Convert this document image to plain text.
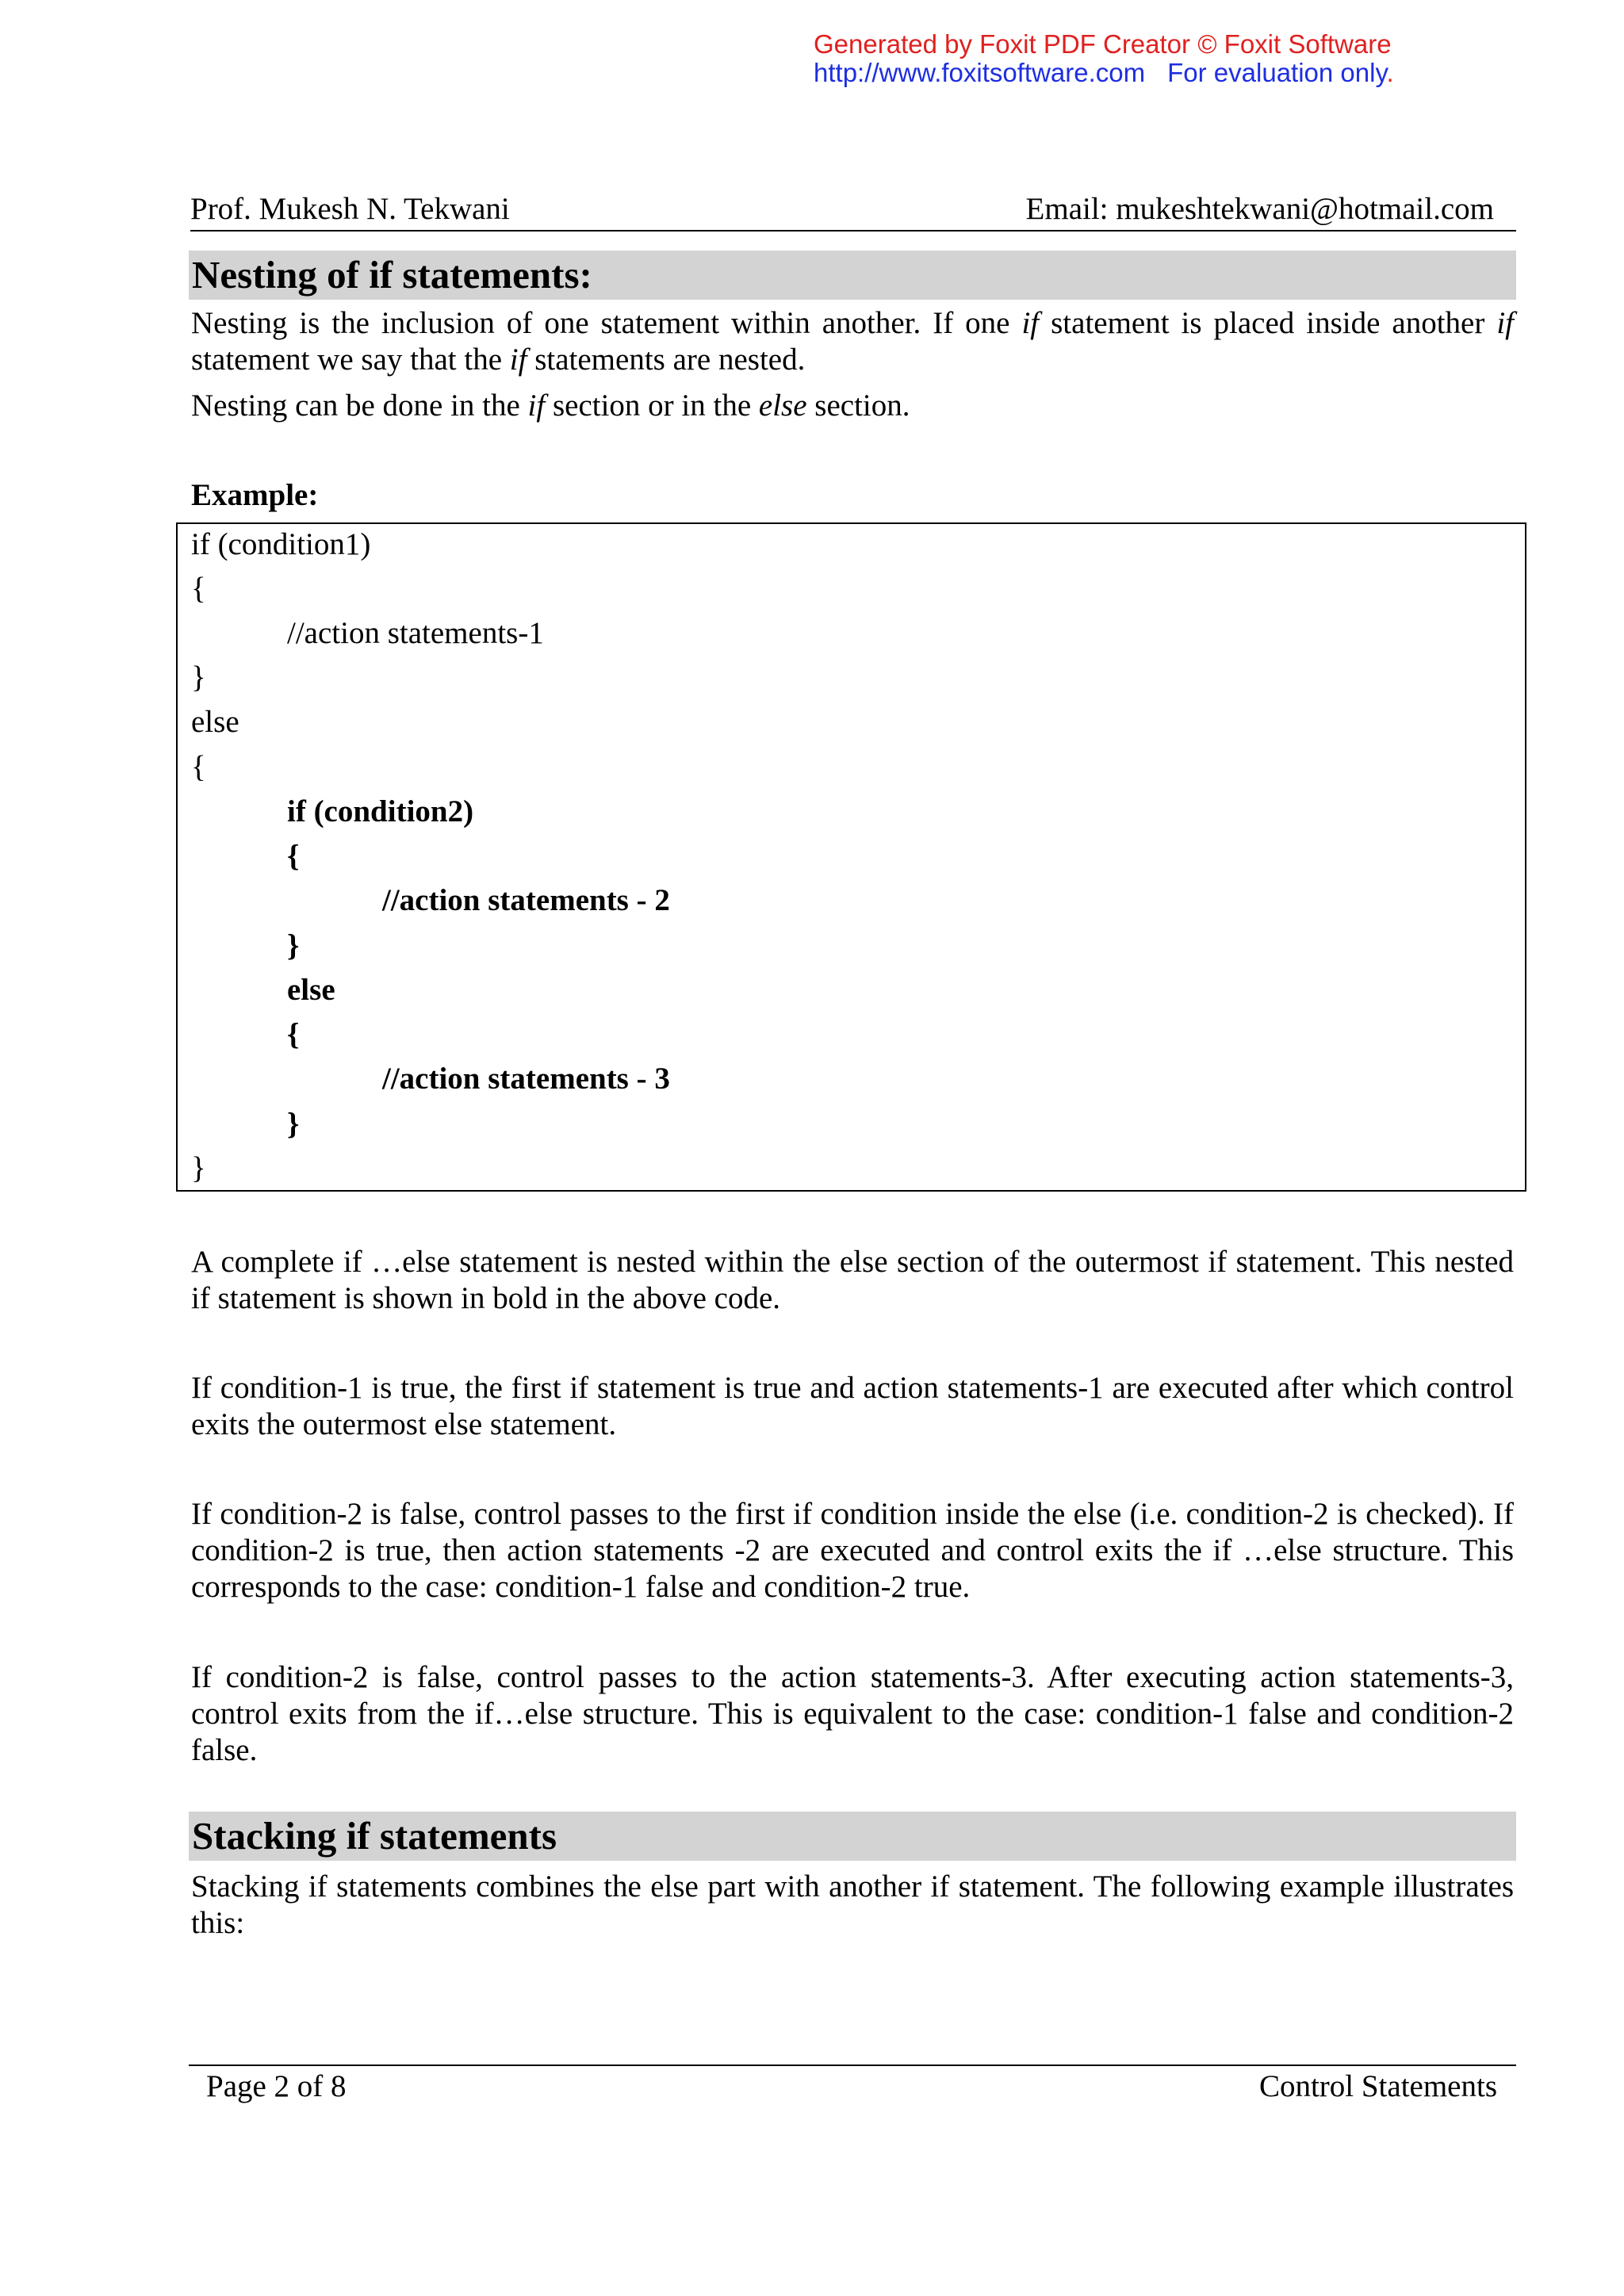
Generated by Foxit PDF Creator © Foxit Software
http://www.foxitsoftware.com For evaluation only.
Prof. Mukesh N. Tekwani	Email: mukeshtekwani@hotmail.com
Nesting of if statements:
Nesting is the inclusion of one statement within another. If one if statement is placed inside another if statement we say that the if statements are nested.
Nesting can be done in the if section or in the else section.
Example:
if (condition1)
{
//action statements-1
}
else
{
if (condition2)
{
//action statements - 2
}
else
{
//action statements - 3
}
}
A complete if …else statement is nested within the else section of the outermost if statement. This nested if statement is shown in bold in the above code.
If condition-1 is true, the first if statement is true and action statements-1 are executed after which control exits the outermost else statement.
If condition-2 is false, control passes to the first if condition inside the else (i.e. condition-2 is checked). If condition-2 is true, then action statements -2 are executed and control exits the if …else structure. This corresponds to the case: condition-1 false and condition-2 true.
If condition-2 is false, control passes to the action statements-3. After executing action statements-3, control exits from the if…else structure. This is equivalent to the case: condition-1 false and condition-2 false.
Stacking if statements
Stacking if statements combines the else part with another if statement. The following example illustrates this:
Page 2 of 8	Control Statements
